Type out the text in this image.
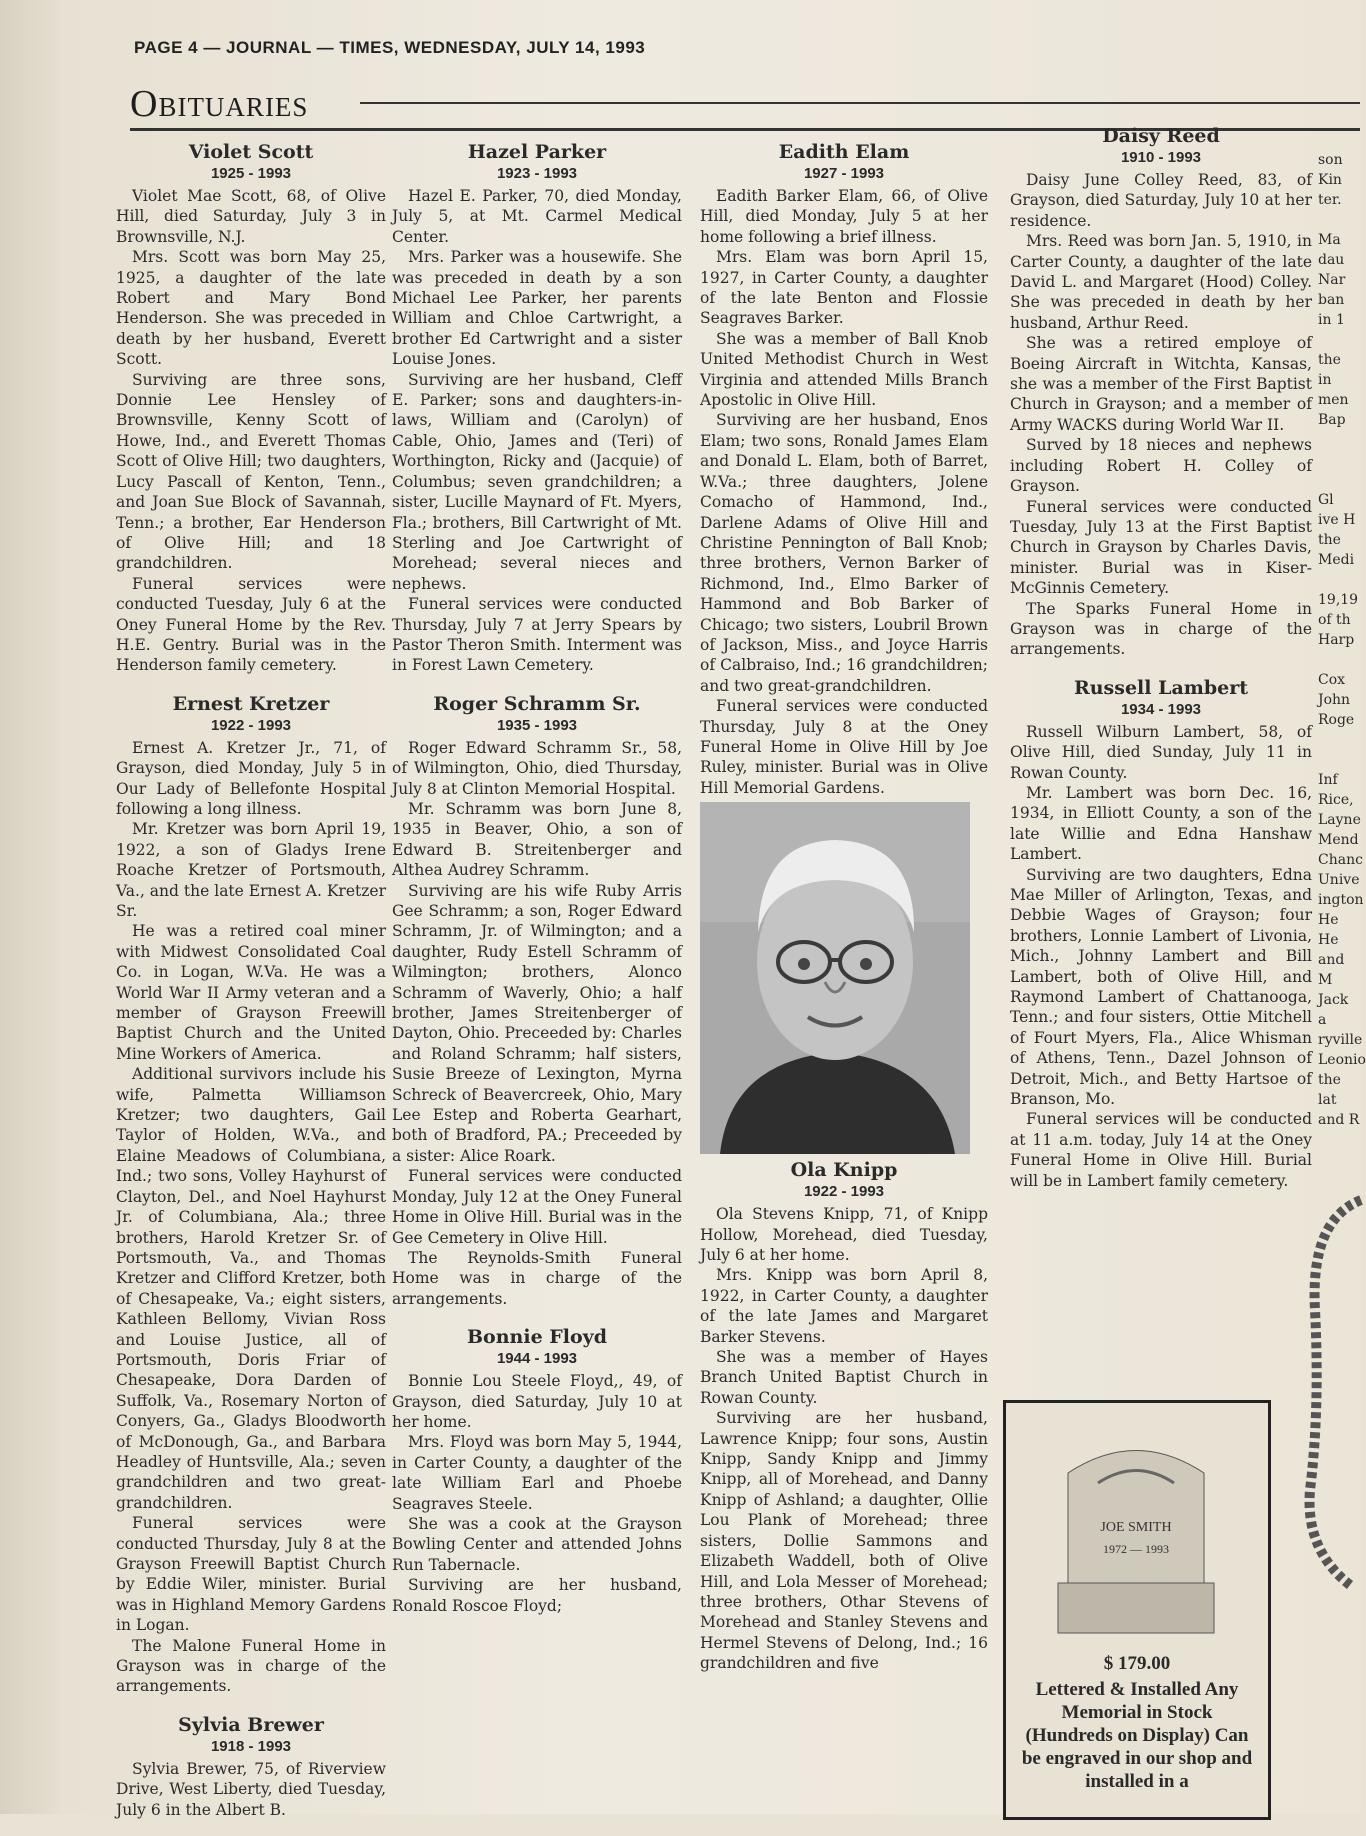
PAGE 4 — JOURNAL — TIMES, WEDNESDAY, JULY 14, 1993
Obituaries
Violet Scott
1925 - 1993

Violet Mae Scott, 68, of Olive Hill, died Saturday, July 3 in Brownsville, N.J.

Mrs. Scott was born May 25, 1925, a daughter of the late Robert and Mary Bond Henderson. She was preceded in death by her husband, Everett Scott.

Surviving are three sons, Donnie Lee Hensley of Brownsville, Kenny Scott of Howe, Ind., and Everett Thomas Scott of Olive Hill; two daughters, Lucy Pascall of Kenton, Tenn., and Joan Sue Block of Savannah, Tenn.; a brother, Ear Henderson of Olive Hill; and 18 grandchildren.

Funeral services were conducted Tuesday, July 6 at the Oney Funeral Home by the Rev. H.E. Gentry. Burial was in the Henderson family cemetery.

Ernest Kretzer
1922 - 1993

Ernest A. Kretzer Jr., 71, of Grayson, died Monday, July 5 in Our Lady of Bellefonte Hospital following a long illness.

Mr. Kretzer was born April 19, 1922, a son of Gladys Irene Roache Kretzer of Portsmouth, Va., and the late Ernest A. Kretzer Sr.

He was a retired coal miner with Midwest Consolidated Coal Co. in Logan, W.Va. He was a World War II Army veteran and a member of Grayson Freewill Baptist Church and the United Mine Workers of America.

Additional survivors include his wife, Palmetta Williamson Kretzer; two daughters, Gail Taylor of Holden, W.Va., and Elaine Meadows of Columbiana, Ind.; two sons, Volley Hayhurst of Clayton, Del., and Noel Hayhurst Jr. of Columbiana, Ala.; three brothers, Harold Kretzer Sr. of Portsmouth, Va., and Thomas Kretzer and Clifford Kretzer, both of Chesapeake, Va.; eight sisters, Kathleen Bellomy, Vivian Ross and Louise Justice, all of Portsmouth, Doris Friar of Chesapeake, Dora Darden of Suffolk, Va., Rosemary Norton of Conyers, Ga., Gladys Bloodworth of McDonough, Ga., and Barbara Headley of Huntsville, Ala.; seven grandchildren and two great-grandchildren.

Funeral services were conducted Thursday, July 8 at the Grayson Freewill Baptist Church by Eddie Wiler, minister. Burial was in Highland Memory Gardens in Logan.

The Malone Funeral Home in Grayson was in charge of the arrangements.

Sylvia Brewer
1918 - 1993

Sylvia Brewer, 75, of Riverview Drive, West Liberty, died Tuesday, July 6 in the Albert B.

Hazel Parker
1923 - 1993

Hazel E. Parker, 70, died Monday, July 5, at Mt. Carmel Medical Center.

Mrs. Parker was a housewife. She was preceded in death by a son Michael Lee Parker, her parents William and Chloe Cartwright, a brother Ed Cartwright and a sister Louise Jones.

Surviving are her husband, Cleff E. Parker; sons and daughters-in-laws, William and (Carolyn) of Cable, Ohio, James and (Teri) of Worthington, Ricky and (Jacquie) of Columbus; seven grandchildren; a sister, Lucille Maynard of Ft. Myers, Fla.; brothers, Bill Cartwright of Mt. Sterling and Joe Cartwright of Morehead; several nieces and nephews.

Funeral services were conducted Thursday, July 7 at Jerry Spears by Pastor Theron Smith. Interment was in Forest Lawn Cemetery.

Roger Schramm Sr.
1935 - 1993

Roger Edward Schramm Sr., 58, of Wilmington, Ohio, died Thursday, July 8 at Clinton Memorial Hospital.

Mr. Schramm was born June 8, 1935 in Beaver, Ohio, a son of Edward B. Streitenberger and Althea Audrey Schramm.

Surviving are his wife Ruby Arris Gee Schramm; a son, Roger Edward Schramm, Jr. of Wilmington; and a daughter, Rudy Estell Schramm of Wilmington; brothers, Alonco Schramm of Waverly, Ohio; a half brother, James Streitenberger of Dayton, Ohio. Preceeded by: Charles and Roland Schramm; half sisters, Susie Breeze of Lexington, Myrna Schreck of Beavercreek, Ohio, Mary Lee Estep and Roberta Gearhart, both of Bradford, PA.; Preceeded by a sister: Alice Roark.

Funeral services were conducted Monday, July 12 at the Oney Funeral Home in Olive Hill. Burial was in the Gee Cemetery in Olive Hill.

The Reynolds-Smith Funeral Home was in charge of the arrangements.

Bonnie Floyd
1944 - 1993

Bonnie Lou Steele Floyd,, 49, of Grayson, died Saturday, July 10 at her home.

Mrs. Floyd was born May 5, 1944, in Carter County, a daughter of the late William Earl and Phoebe Seagraves Steele.

She was a cook at the Grayson Bowling Center and attended Johns Run Tabernacle.

Surviving are her husband, Ronald Roscoe Floyd;

Eadith Elam
1927 - 1993

Eadith Barker Elam, 66, of Olive Hill, died Monday, July 5 at her home following a brief illness.

Mrs. Elam was born April 15, 1927, in Carter County, a daughter of the late Benton and Flossie Seagraves Barker.

She was a member of Ball Knob United Methodist Church in West Virginia and attended Mills Branch Apostolic in Olive Hill.

Surviving are her husband, Enos Elam; two sons, Ronald James Elam and Donald L. Elam, both of Barret, W.Va.; three daughters, Jolene Comacho of Hammond, Ind., Darlene Adams of Olive Hill and Christine Pennington of Ball Knob; three brothers, Vernon Barker of Richmond, Ind., Elmo Barker of Hammond and Bob Barker of Chicago; two sisters, Loubril Brown of Jackson, Miss., and Joyce Harris of Calbraiso, Ind.; 16 grandchildren; and two great-grandchildren.

Funeral services were conducted Thursday, July 8 at the Oney Funeral Home in Olive Hill by Joe Ruley, minister. Burial was in Olive Hill Memorial Gardens.

Ola Knipp
1922 - 1993

Ola Stevens Knipp, 71, of Knipp Hollow, Morehead, died Tuesday, July 6 at her home.

Mrs. Knipp was born April 8, 1922, in Carter County, a daughter of the late James and Margaret Barker Stevens.

She was a member of Hayes Branch United Baptist Church in Rowan County.

Surviving are her husband, Lawrence Knipp; four sons, Austin Knipp, Sandy Knipp and Jimmy Knipp, all of Morehead, and Danny Knipp of Ashland; a daughter, Ollie Lou Plank of Morehead; three sisters, Dollie Sammons and Elizabeth Waddell, both of Olive Hill, and Lola Messer of Morehead; three brothers, Othar Stevens of Morehead and Stanley Stevens and Hermel Stevens of Delong, Ind.; 16 grandchildren and five

Daisy Reed
1910 - 1993

Daisy June Colley Reed, 83, of Grayson, died Saturday, July 10 at her residence.

Mrs. Reed was born Jan. 5, 1910, in Carter County, a daughter of the late David L. and Margaret (Hood) Colley. She was preceded in death by her husband, Arthur Reed.

She was a retired employe of Boeing Aircraft in Witchta, Kansas, she was a member of the First Baptist Church in Grayson; and a member of Army WACKS during World War II.

Surved by 18 nieces and nephews including Robert H. Colley of Grayson.

Funeral services were conducted Tuesday, July 13 at the First Baptist Church in Grayson by Charles Davis, minister. Burial was in Kiser-McGinnis Cemetery.

The Sparks Funeral Home in Grayson was in charge of the arrangements.

Russell Lambert
1934 - 1993

Russell Wilburn Lambert, 58, of Olive Hill, died Sunday, July 11 in Rowan County.

Mr. Lambert was born Dec. 16, 1934, in Elliott County, a son of the late Willie and Edna Hanshaw Lambert.

Surviving are two daughters, Edna Mae Miller of Arlington, Texas, and Debbie Wages of Grayson; four brothers, Lonnie Lambert of Livonia, Mich., Johnny Lambert and Bill Lambert, both of Olive Hill, and Raymond Lambert of Chattanooga, Tenn.; and four sisters, Ottie Mitchell of Fourt Myers, Fla., Alice Whisman of Athens, Tenn., Dazel Johnson of Detroit, Mich., and Betty Hartsoe of Branson, Mo.

Funeral services will be conducted at 11 a.m. today, July 14 at the Oney Funeral Home in Olive Hill. Burial will be in Lambert family cemetery.

son
Kin
ter.

Ma
dau
Nar
ban
in 1

the
in
men
Bap

Gl
ive H
the
Medi

19,19
of th
Harp

Cox
John
Roge

Inf
Rice,
Layne
Mend
Chanc
Unive
ington
He
He
and M
Jack a
ryville
Leonio
the lat
and R
JOE SMITH
1972 — 1993
$ 179.00
Lettered & Installed Any Memorial in Stock (Hundreds on Display) Can be engraved in our shop and installed in a
